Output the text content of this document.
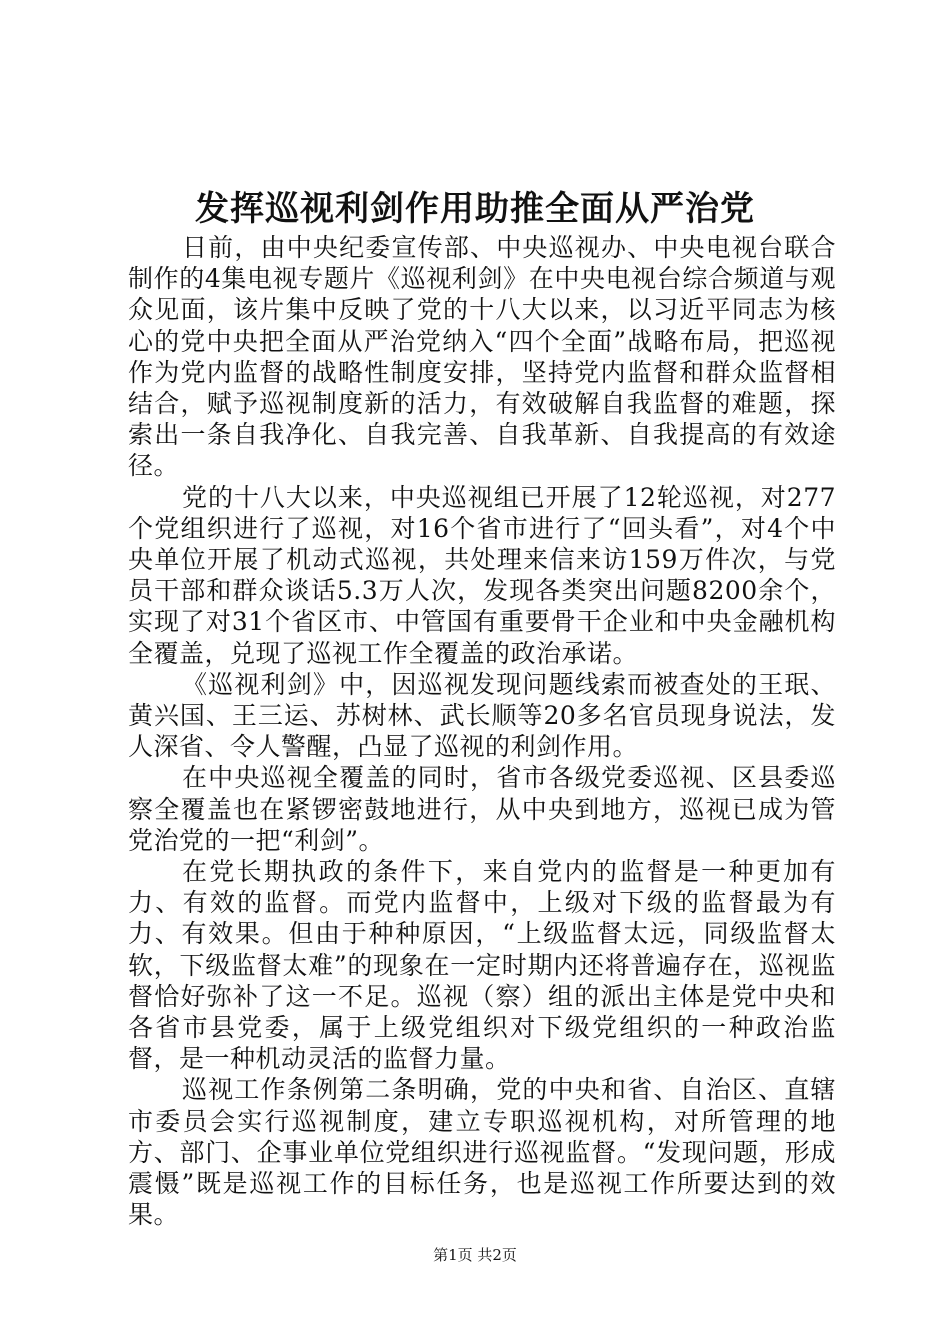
发挥巡视利剑作用助推全面从严治党

日前，由中央纪委宣传部、中央巡视办、中央电视台联合制作的4集电视专题片《巡视利剑》在中央电视台综合频道与观众见面，该片集中反映了党的十八大以来，以习近平同志为核心的党中央把全面从严治党纳入“四个全面”战略布局，把巡视作为党内监督的战略性制度安排，坚持党内监督和群众监督相结合，赋予巡视制度新的活力，有效破解自我监督的难题，探索出一条自我净化、自我完善、自我革新、自我提高的有效途径。

党的十八大以来，中央巡视组已开展了12轮巡视，对277个党组织进行了巡视，对16个省市进行了“回头看”，对4个中央单位开展了机动式巡视，共处理来信来访159万件次，与党员干部和群众谈话5.3万人次，发现各类突出问题8200余个，实现了对31个省区市、中管国有重要骨干企业和中央金融机构全覆盖，兑现了巡视工作全覆盖的政治承诺。

《巡视利剑》中，因巡视发现问题线索而被查处的王珉、黄兴国、王三运、苏树林、武长顺等20多名官员现身说法，发人深省、令人警醒，凸显了巡视的利剑作用。

在中央巡视全覆盖的同时，省市各级党委巡视、区县委巡察全覆盖也在紧锣密鼓地进行，从中央到地方，巡视已成为管党治党的一把“利剑”。

在党长期执政的条件下，来自党内的监督是一种更加有力、有效的监督。而党内监督中，上级对下级的监督最为有力、有效果。但由于种种原因，“上级监督太远，同级监督太软，下级监督太难”的现象在一定时期内还将普遍存在，巡视监督恰好弥补了这一不足。巡视（察）组的派出主体是党中央和各省市县党委，属于上级党组织对下级党组织的一种政治监督，是一种机动灵活的监督力量。

巡视工作条例第二条明确，党的中央和省、自治区、直辖市委员会实行巡视制度，建立专职巡视机构，对所管理的地方、部门、企事业单位党组织进行巡视监督。“发现问题，形成震慑”既是巡视工作的目标任务，也是巡视工作所要达到的效果。

第1页 共2页
